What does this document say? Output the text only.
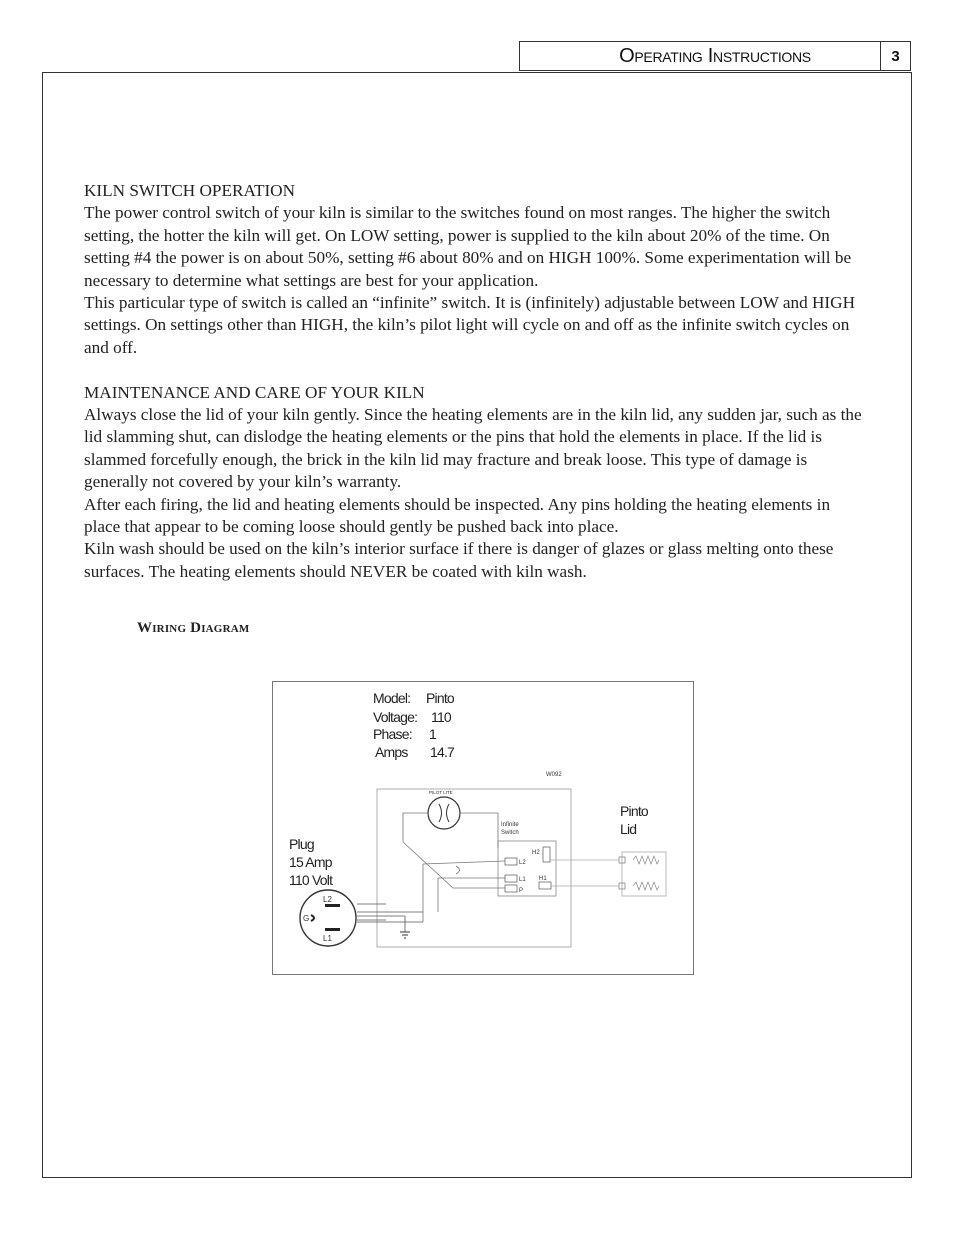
Operating Instructions	3

KILN SWITCH OPERATION

The power control switch of your kiln is similar to the switches found on most ranges. The higher the switch setting, the hotter the kiln will get. On LOW setting, power is supplied to the kiln about 20% of the time. On setting #4 the power is on about 50%, setting #6 about 80% and on HIGH 100%. Some experimentation will be necessary to determine what settings are best for your application.

This particular type of switch is called an “infinite” switch. It is (infinitely) adjustable between LOW and HIGH settings. On settings other than HIGH, the kiln’s pilot light will cycle on and off as the infinite switch cycles on and off.

MAINTENANCE AND CARE OF YOUR KILN

Always close the lid of your kiln gently. Since the heating elements are in the kiln lid, any sudden jar, such as the lid slamming shut, can dislodge the heating elements or the pins that hold the elements in place. If the lid is slammed forcefully enough, the brick in the kiln lid may fracture and break loose. This type of damage is generally not covered by your kiln’s warranty.

After each firing, the lid and heating elements should be inspected. Any pins holding the heating elements in place that appear to be coming loose should gently be pushed back into place.

Kiln wash should be used on the kiln’s interior surface if there is danger of glazes or glass melting onto these surfaces. The heating elements should NEVER be coated with kiln wash.

Wiring Diagram
Model: Pinto
Voltage: 110
Phase: 1
Amps 14.7
W092
PILOT LITE
Infinite
Switch
L2
L1
P
H2
H1
Pinto
Lid
Plug
15 Amp
110 Volt
L2
L1
G
